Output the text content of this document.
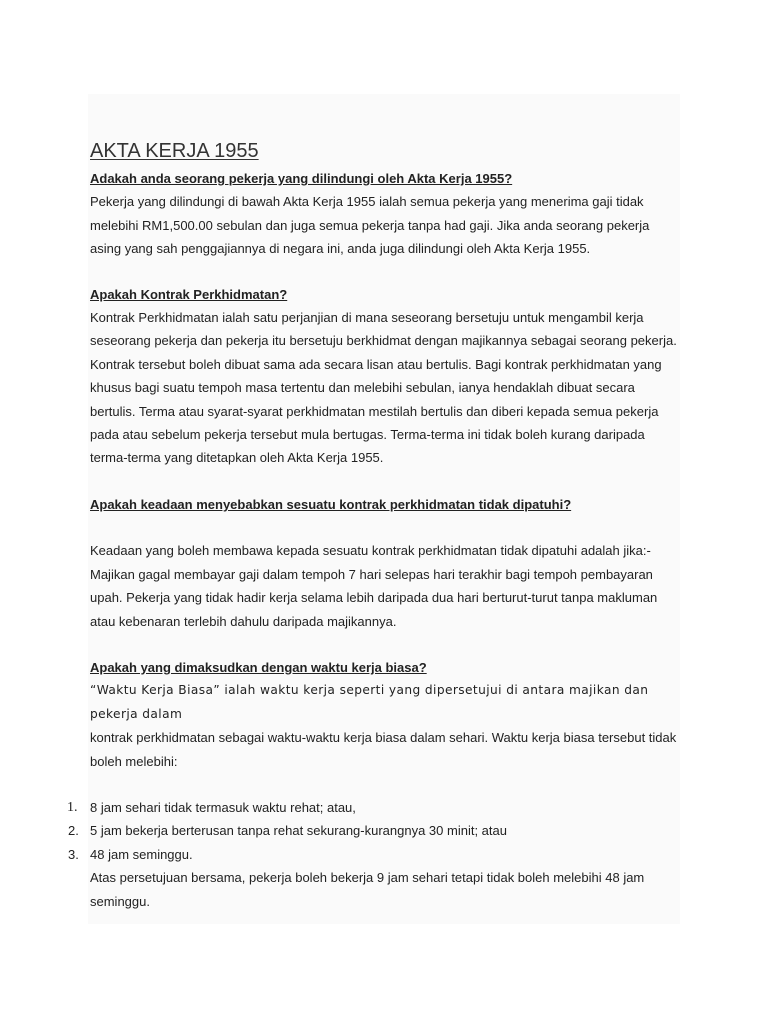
AKTA KERJA 1955
Adakah anda seorang pekerja yang dilindungi oleh Akta Kerja 1955?
Pekerja yang dilindungi di bawah Akta Kerja 1955 ialah semua pekerja yang menerima gaji tidak melebihi RM1,500.00 sebulan dan juga semua pekerja tanpa had gaji. Jika anda seorang pekerja asing yang sah penggajiannya di negara ini, anda juga dilindungi oleh Akta Kerja 1955.
Apakah Kontrak Perkhidmatan?
Kontrak Perkhidmatan ialah satu perjanjian di mana seseorang bersetuju untuk mengambil kerja seseorang pekerja dan pekerja itu bersetuju berkhidmat dengan majikannya sebagai seorang pekerja. Kontrak tersebut boleh dibuat sama ada secara lisan atau bertulis. Bagi kontrak perkhidmatan yang khusus bagi suatu tempoh masa tertentu dan melebihi sebulan, ianya hendaklah dibuat secara bertulis. Terma atau syarat-syarat perkhidmatan mestilah bertulis dan diberi kepada semua pekerja pada atau sebelum pekerja tersebut mula bertugas. Terma-terma ini tidak boleh kurang daripada terma-terma yang ditetapkan oleh Akta Kerja 1955.
Apakah keadaan menyebabkan sesuatu kontrak perkhidmatan tidak dipatuhi?
Keadaan yang boleh membawa kepada sesuatu kontrak perkhidmatan tidak dipatuhi adalah jika:- Majikan gagal membayar gaji dalam tempoh 7 hari selepas hari terakhir bagi tempoh pembayaran upah. Pekerja yang tidak hadir kerja selama lebih daripada dua hari berturut-turut tanpa makluman atau kebenaran terlebih dahulu daripada majikannya.
Apakah yang dimaksudkan dengan waktu kerja biasa?
“Waktu Kerja Biasa” ialah waktu kerja seperti yang dipersetujui di antara majikan dan pekerja dalam
kontrak perkhidmatan sebagai waktu-waktu kerja biasa dalam sehari. Waktu kerja biasa tersebut tidak boleh melebihi:
1. 8 jam sehari tidak termasuk waktu rehat; atau,
2. 5 jam bekerja berterusan tanpa rehat sekurang-kurangnya 30 minit; atau
3. 48 jam seminggu.
Atas persetujuan bersama, pekerja boleh bekerja 9 jam sehari tetapi tidak boleh melebihi 48 jam seminggu.
